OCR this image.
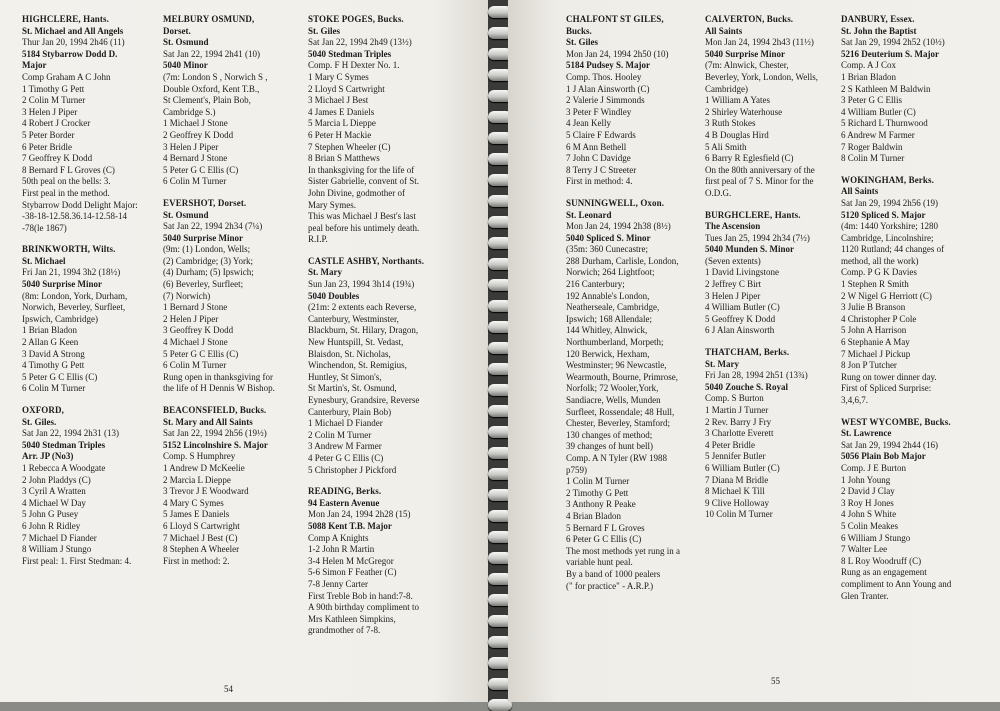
HIGHCLERE, Hants.
St. Michael and All Angels
Thur Jan 20, 1994 2h46 (11)
5184 Stybarrow Dodd D.
Major
Comp Graham A C John
1 Timothy G Pett
2 Colin M Turner
3 Helen J Piper
4 Robert J Crocker
5 Peter Border
6 Peter Bridle
7 Geoffrey K Dodd
8 Bernard F L Groves (C)
50th peal on the bells: 3.
First peal in the method.
Stybarrow Dodd Delight Major:
-38-18-12.58.36.14-12.58-14
-78(le 1867)
BRINKWORTH, Wilts.
St. Michael
Fri Jan 21, 1994 3h2 (18½)
5040 Surprise Minor
(8m: London, York, Durham,
Norwich, Beverley, Surfleet,
Ipswich, Cambridge)
1 Brian Bladon
2 Allan G Keen
3 David A Strong
4 Timothy G Pett
5 Peter G C Ellis (C)
6 Colin M Turner
OXFORD,
St. Giles.
Sat Jan 22, 1994 2h31 (13)
5040 Stedman Triples
Arr. JP (No3)
1 Rebecca A Woodgate
2 John Pladdys (C)
3 Cyril A Wratten
4 Michael W Day
5 John G Pusey
6 John R Ridley
7 Michael D Fiander
8 William J Stungo
First peal: 1. First Stedman: 4.
MELBURY OSMUND,
Dorset.
St. Osmund
Sat Jan 22, 1994 2h41 (10)
5040 Minor
(7m: London S , Norwich S ,
Double Oxford, Kent T.B.,
St Clement's, Plain Bob,
Cambridge S.)
1 Michael J Stone
2 Geoffrey K Dodd
3 Helen J Piper
4 Bernard J Stone
5 Peter G C Ellis (C)
6 Colin M Turner
EVERSHOT, Dorset.
St. Osmund
Sat Jan 22, 1994 2h34 (7¼)
5040 Surprise Minor
(9m: (1) London, Wells;
(2) Cambridge; (3) York;
(4) Durham; (5) Ipswich;
(6) Beverley, Surfleet;
(7) Norwich)
1 Bernard J Stone
2 Helen J Piper
3 Geoffrey K Dodd
4 Michael J Stone
5 Peter G C Ellis (C)
6 Colin M Turner
Rung open in thanksgiving for
the life of H Dennis W Bishop.
BEACONSFIELD, Bucks.
St. Mary and All Saints
Sat Jan 22, 1994 2h56 (19½)
5152 Lincolnshire S. Major
Comp. S Humphrey
1 Andrew D McKeelie
2 Marcia L Dieppe
3 Trevor J E Woodward
4 Mary C Symes
5 James E Daniels
6 Lloyd S Cartwright
7 Michael J Best (C)
8 Stephen A Wheeler
First in method: 2.
STOKE POGES, Bucks.
St. Giles
Sat Jan 22, 1994 2h49 (13½)
5040 Stedman Triples
Comp. F H Dexter No. 1.
1 Mary C Symes
2 Lloyd S Cartwright
3 Michael J Best
4 James E Daniels
5 Marcia L Dieppe
6 Peter H Mackie
7 Stephen Wheeler (C)
8 Brian S Matthews
In thanksgiving for the life of
Sister Gabrielle, convent of St.
John Divine, godmother of
Mary Symes.
This was Michael J Best's last
peal before his untimely death.
R.I.P.
CASTLE ASHBY, Northants.
St. Mary
Sun Jan 23, 1994 3h14 (19¾)
5040 Doubles
(21m: 2 extents each Reverse,
Canterbury, Westminster,
Blackburn, St. Hilary, Dragon,
New Huntspill, St. Vedast,
Blaisdon, St. Nicholas,
Winchendon, St. Remigius,
Huntley, St Simon's,
St Martin's, St. Osmund,
Eynesbury, Grandsire, Reverse
Canterbury, Plain Bob)
1 Michael D Fiander
2 Colin M Turner
3 Andrew M Farmer
4 Peter G C Ellis (C)
5 Christopher J Pickford
READING, Berks.
94 Eastern Avenue
Mon Jan 24, 1994 2h28 (15)
5088 Kent T.B. Major
Comp A Knights
1-2 John R Martin
3-4 Helen M McGregor
5-6 Simon F Feather (C)
7-8 Jenny Carter
First Treble Bob in hand:7-8.
A 90th birthday compliment to
Mrs Kathleen Simpkins,
grandmother of 7-8.
54
CHALFONT ST GILES,
Bucks.
St. Giles
Mon Jan 24, 1994 2h50 (10)
5184 Pudsey S. Major
Comp. Thos. Hooley
1 J Alan Ainsworth (C)
2 Valerie J Simmonds
3 Peter F Windley
4 Jean Kelly
5 Claire F Edwards
6 M Ann Bethell
7 John C Davidge
8 Terry J C Streeter
First in method: 4.
SUNNINGWELL, Oxon.
St. Leonard
Mon Jan 24, 1994 2h38 (8½)
5040 Spliced S. Minor
(35m: 360 Cunecastre;
288 Durham, Carlisle, London,
Norwich; 264 Lightfoot;
216 Canterbury;
192 Annable's London,
Neatherseale, Cambridge,
Ipswich; 168 Allendale;
144 Whitley, Alnwick,
Northumberland, Morpeth;
120 Berwick, Hexham,
Westminster; 96 Newcastle,
Wearmouth, Bourne, Primrose,
Norfolk; 72 Wooler,York,
Sandiacre, Wells, Munden
Surfleet, Rossendale; 48 Hull,
Chester, Beverley, Stamford;
130 changes of method;
39 changes of hunt bell)
Comp. A N Tyler (RW 1988
p759)
1 Colin M Turner
2 Timothy G Pett
3 Anthony R Peake
4 Brian Bladon
5 Bernard F L Groves
6 Peter G C Ellis (C)
The most methods yet rung in a
variable hunt peal.
By a band of 1000 pealers
(" for practice" - A.R.P.)
CALVERTON, Bucks.
All Saints
Mon Jan 24, 1994 2h43 (11½)
5040 Surprise Minor
(7m: Alnwick, Chester,
Beverley, York, London, Wells,
Cambridge)
1 William A Yates
2 Shirley Waterhouse
3 Ruth Stokes
4 B Douglas Hird
5 Ali Smith
6 Barry R Eglesfield (C)
On the 80th anniversary of the
first peal of 7 S. Minor for the
O.D.G.
BURGHCLERE, Hants.
The Ascension
Tues Jan 25, 1994 2h34 (7½)
5040 Munden S. Minor
(Seven extents)
1 David Livingstone
2 Jeffrey C Birt
3 Helen J Piper
4 William Butler (C)
5 Geoffrey K Dodd
6 J Alan Ainsworth
THATCHAM, Berks.
St. Mary
Fri Jan 28, 1994 2h51 (13¾)
5040 Zouche S. Royal
Comp. S Burton
1 Martin J Turner
2 Rev. Barry J Fry
3 Charlotte Everett
4 Peter Bridle
5 Jennifer Butler
6 William Butler (C)
7 Diana M Bridle
8 Michael K Till
9 Clive Holloway
10 Colin M Turner
DANBURY, Essex.
St. John the Baptist
Sat Jan 29, 1994 2h52 (10½)
5216 Deuterium S. Major
Comp. A J Cox
1 Brian Bladon
2 S Kathleen M Baldwin
3 Peter G C Ellis
4 William Butler (C)
5 Richard L Thurnwood
6 Andrew M Farmer
7 Roger Baldwin
8 Colin M Turner
WOKINGHAM, Berks.
All Saints
Sat Jan 29, 1994 2h56 (19)
5120 Spliced S. Major
(4m: 1440 Yorkshire; 1280
Cambridge, Lincolnshire;
1120 Rutland; 44 changes of
method, all the work)
Comp. P G K Davies
1 Stephen R Smith
2 W Nigel G Herriott (C)
3 Julie B Branson
4 Christopher P Cole
5 John A Harrison
6 Stephanie A May
7 Michael J Pickup
8 Jon P Tutcher
Rung on tower dinner day.
First of Spliced Surprise:
3,4,6,7.
WEST WYCOMBE, Bucks.
St. Lawrence
Sat Jan 29, 1994 2h44 (16)
5056 Plain Bob Major
Comp. J E Burton
1 John Young
2 David J Clay
3 Roy H Jones
4 John S White
5 Colin Meakes
6 William J Stungo
7 Walter Lee
8 L Roy Woodruff (C)
Rung as an engagement
compliment to Ann Young and
Glen Tranter.
55
